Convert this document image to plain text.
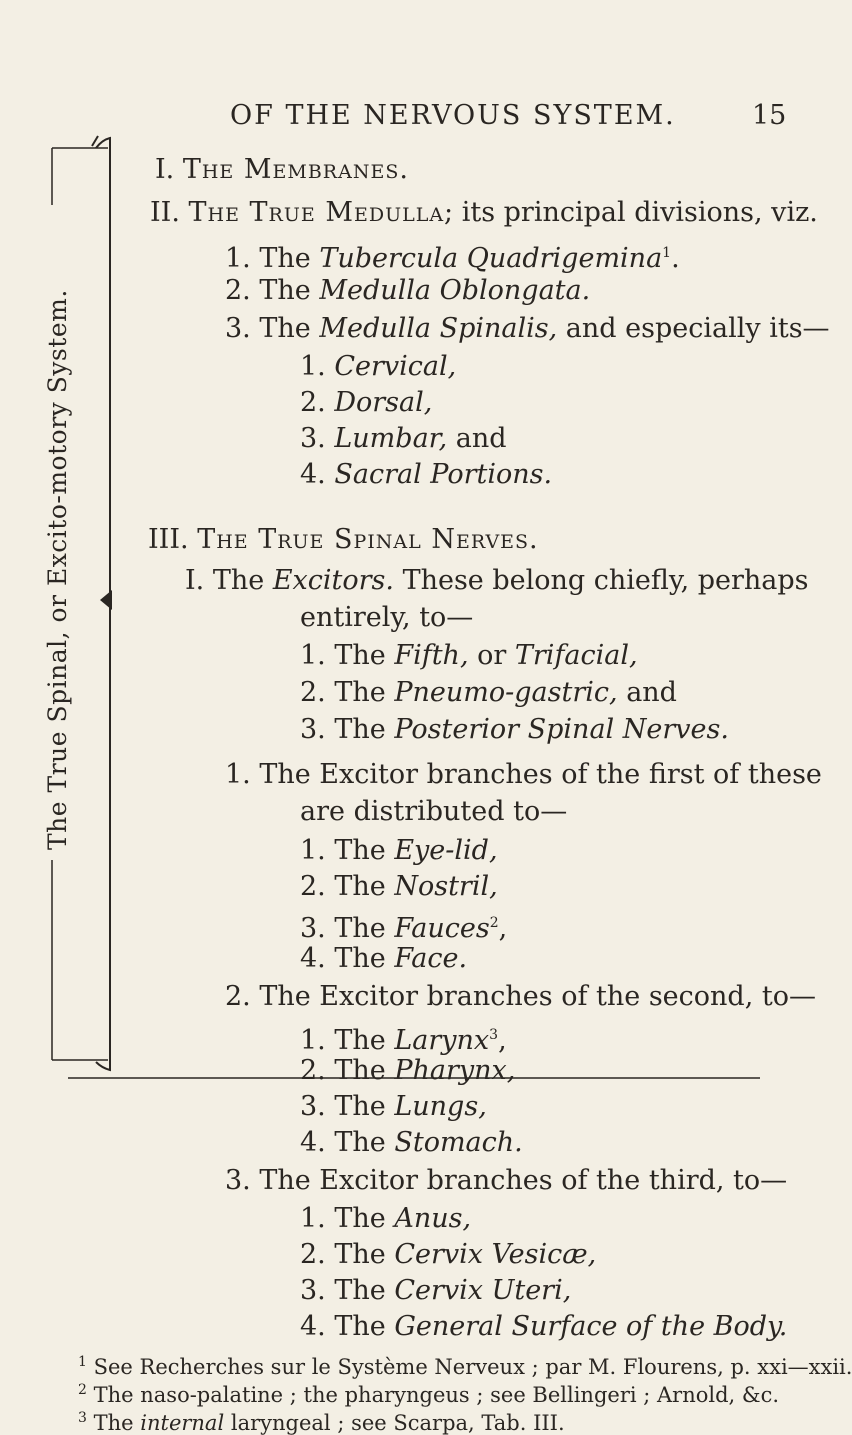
OF THE NERVOUS SYSTEM.	15
The True Spinal, or Excito-motory System.
I. The Membranes.
II. The True Medulla; its principal divisions, viz.
1. The Tubercula Quadrigemina$^1$.
2. The Medulla Oblongata.
3. The Medulla Spinalis, and especially its—
1. Cervical,
2. Dorsal,
3. Lumbar, and
4. Sacral Portions.
III. The True Spinal Nerves.
I. The Excitors. These belong chiefly, perhaps
entirely, to—
1. The Fifth, or Trifacial,
2. The Pneumo-gastric, and
3. The Posterior Spinal Nerves.
1. The Excitor branches of the first of these
are distributed to—
1. The Eye-lid,
2. The Nostril,
3. The Fauces$^2$,
4. The Face.
2. The Excitor branches of the second, to—
1. The Larynx$^3$,
2. The Pharynx,
3. The Lungs,
4. The Stomach.
3. The Excitor branches of the third, to—
1. The Anus,
2. The Cervix Vesicæ,
3. The Cervix Uteri,
4. The General Surface of the Body.
$^1$ See Recherches sur le Système Nerveux ; par M. Flourens, p. xxi—xxii.
$^2$ The naso-palatine ; the pharyngeus ; see Bellingeri ; Arnold, &c.
$^3$ The internal laryngeal ; see Scarpa, Tab. III.
